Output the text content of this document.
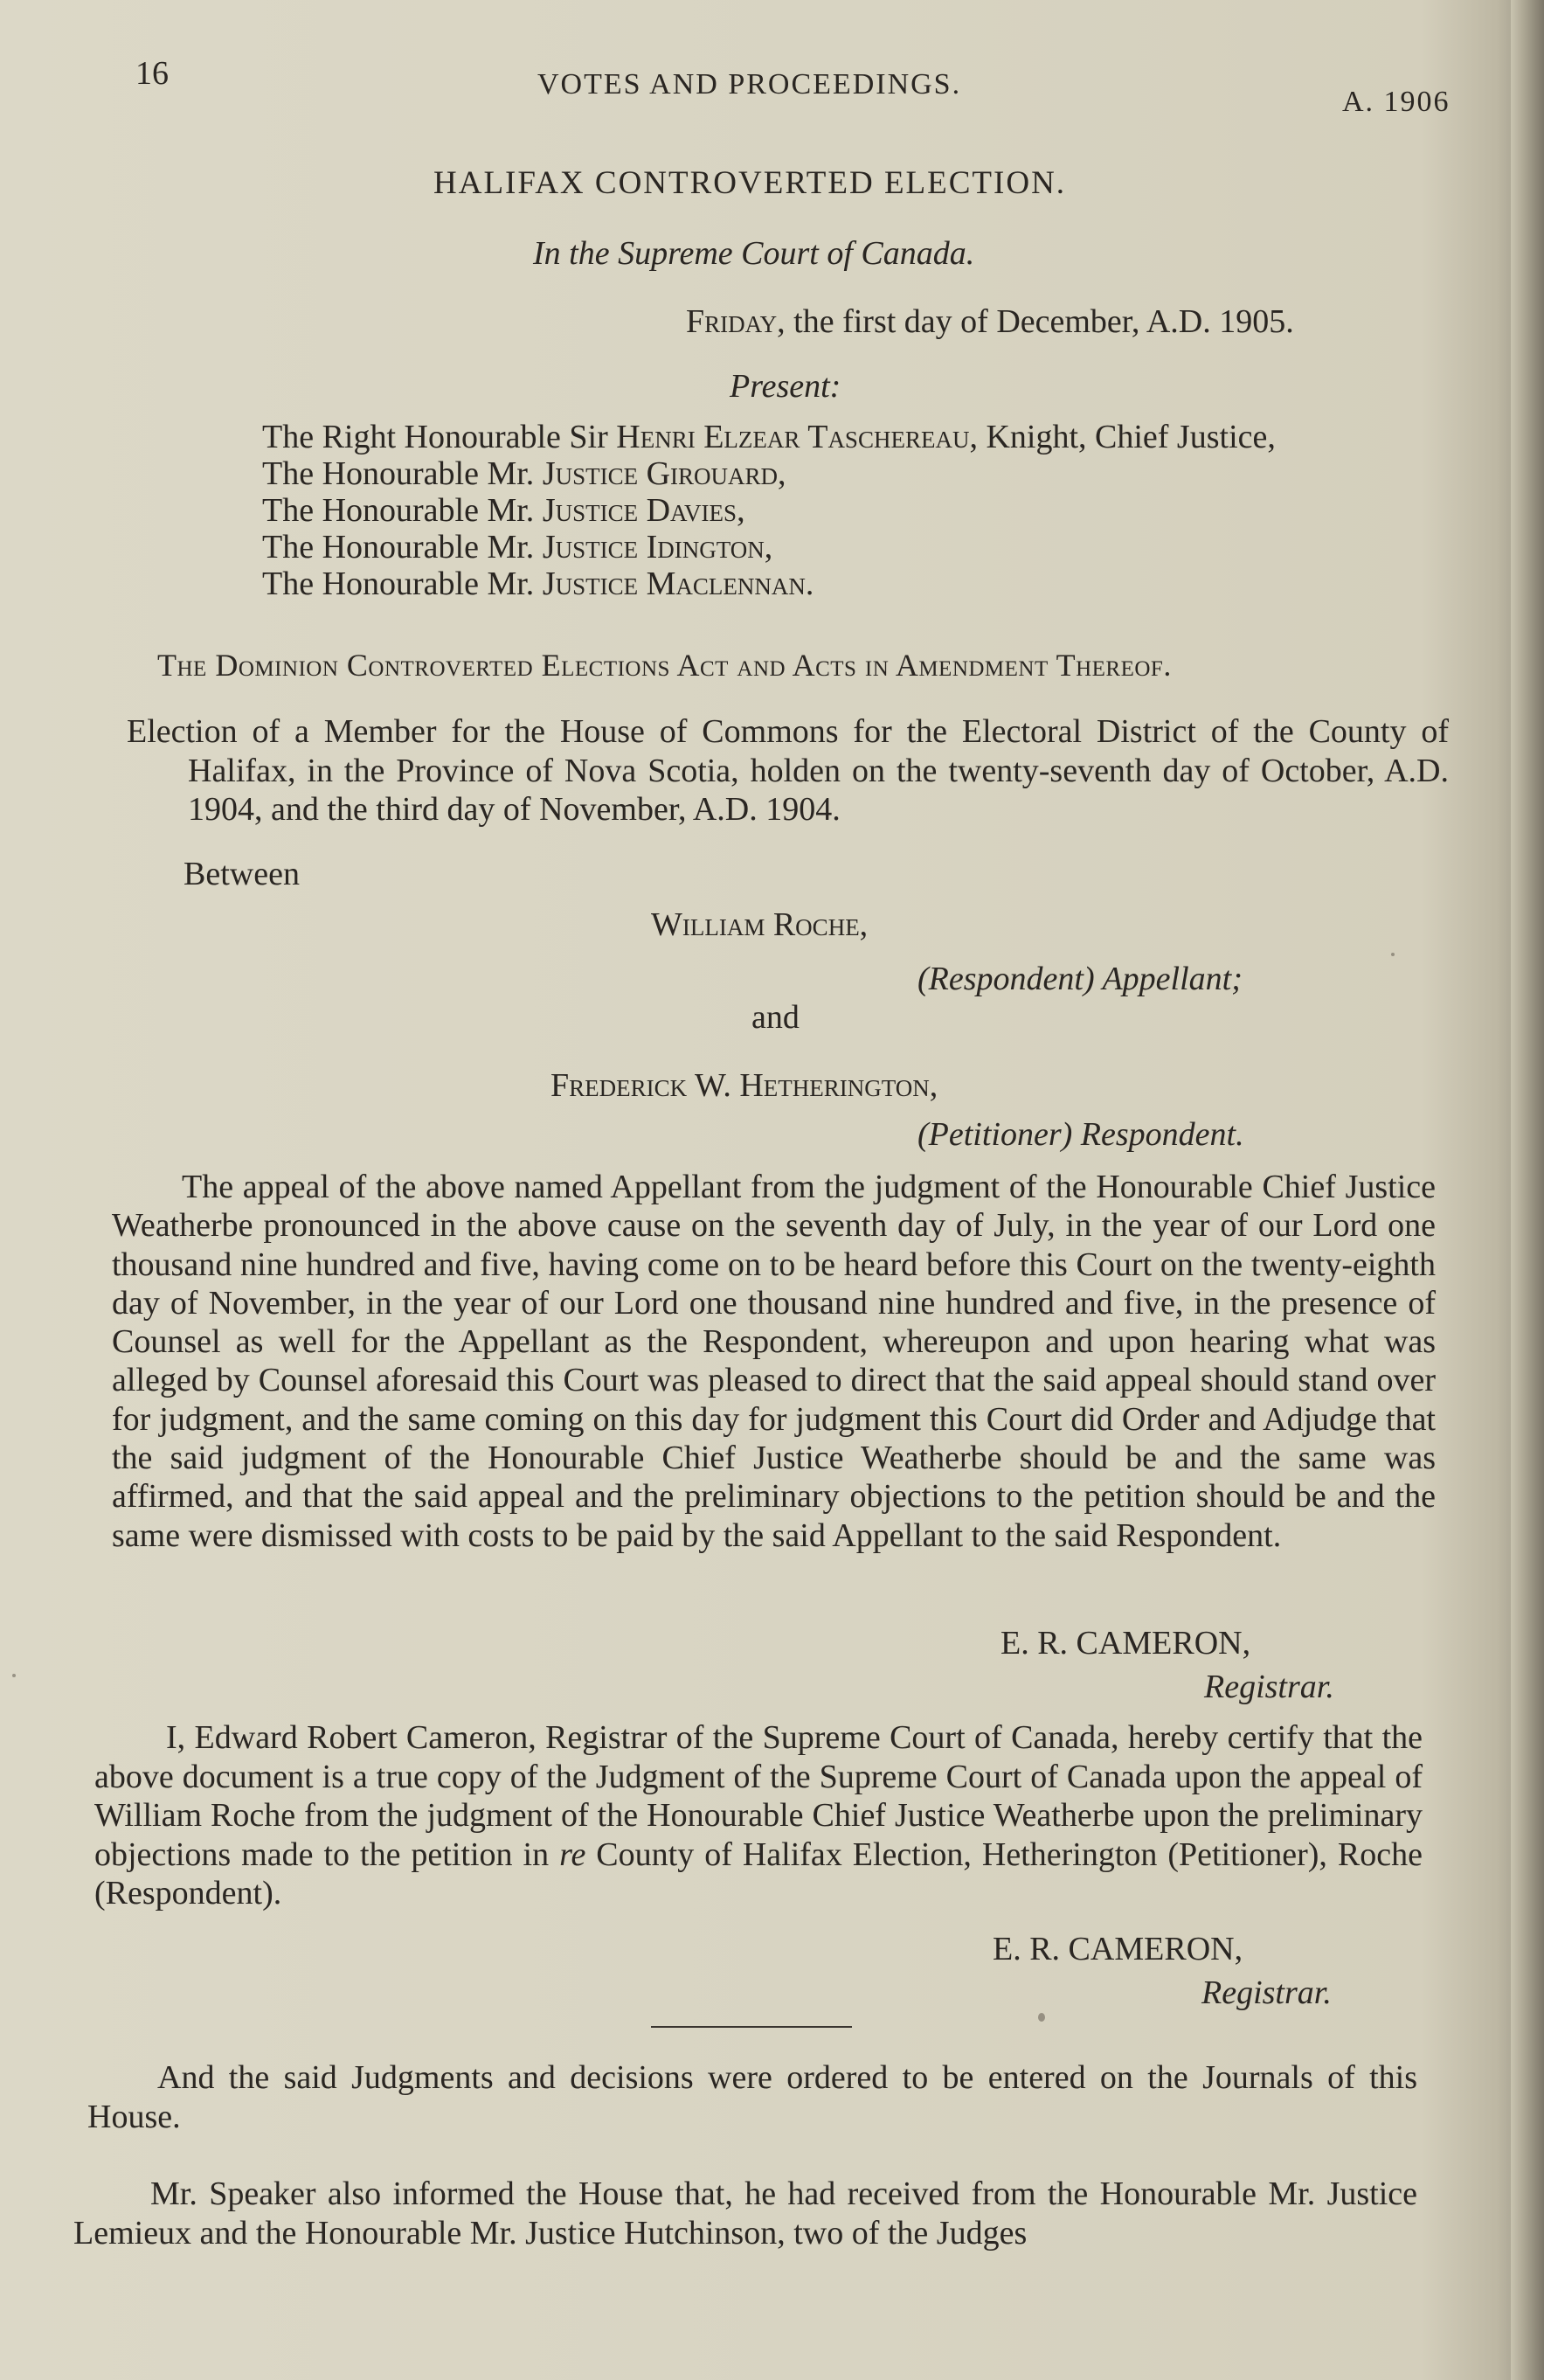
16	VOTES AND PROCEEDINGS.
A. 1906
HALIFAX CONTROVERTED ELECTION.
In the Supreme Court of Canada.
Friday, the first day of December, A.D. 1905.
Present:
The Right Honourable Sir Henri Elzear Taschereau, Knight, Chief Justice,
The Honourable Mr. Justice Girouard,
The Honourable Mr. Justice Davies,
The Honourable Mr. Justice Idington,
The Honourable Mr. Justice Maclennan.
The Dominion Controverted Elections Act and Acts in Amendment Thereof.
Election of a Member for the House of Commons for the Electoral District of the County of Halifax, in the Province of Nova Scotia, holden on the twenty-seventh day of October, A.D. 1904, and the third day of November, A.D. 1904.
Between
William Roche,
(Respondent) Appellant;
and
Frederick W. Hetherington,
(Petitioner) Respondent.
The appeal of the above named Appellant from the judgment of the Honourable Chief Justice Weatherbe pronounced in the above cause on the seventh day of July, in the year of our Lord one thousand nine hundred and five, having come on to be heard before this Court on the twenty-eighth day of November, in the year of our Lord one thousand nine hundred and five, in the presence of Counsel as well for the Appellant as the Respondent, whereupon and upon hearing what was alleged by Counsel aforesaid this Court was pleased to direct that the said appeal should stand over for judgment, and the same coming on this day for judgment this Court did Order and Adjudge that the said judgment of the Honourable Chief Justice Weatherbe should be and the same was affirmed, and that the said appeal and the preliminary objections to the petition should be and the same were dismissed with costs to be paid by the said Appellant to the said Respondent.
E. R. CAMERON,
Registrar.
I, Edward Robert Cameron, Registrar of the Supreme Court of Canada, hereby certify that the above document is a true copy of the Judgment of the Supreme Court of Canada upon the appeal of William Roche from the judgment of the Honourable Chief Justice Weatherbe upon the preliminary objections made to the petition in re County of Halifax Election, Hetherington (Petitioner), Roche (Respondent).
E. R. CAMERON,
Registrar.
And the said Judgments and decisions were ordered to be entered on the Journals of this House.
Mr. Speaker also informed the House that, he had received from the Honourable Mr. Justice Lemieux and the Honourable Mr. Justice Hutchinson, two of the Judges
